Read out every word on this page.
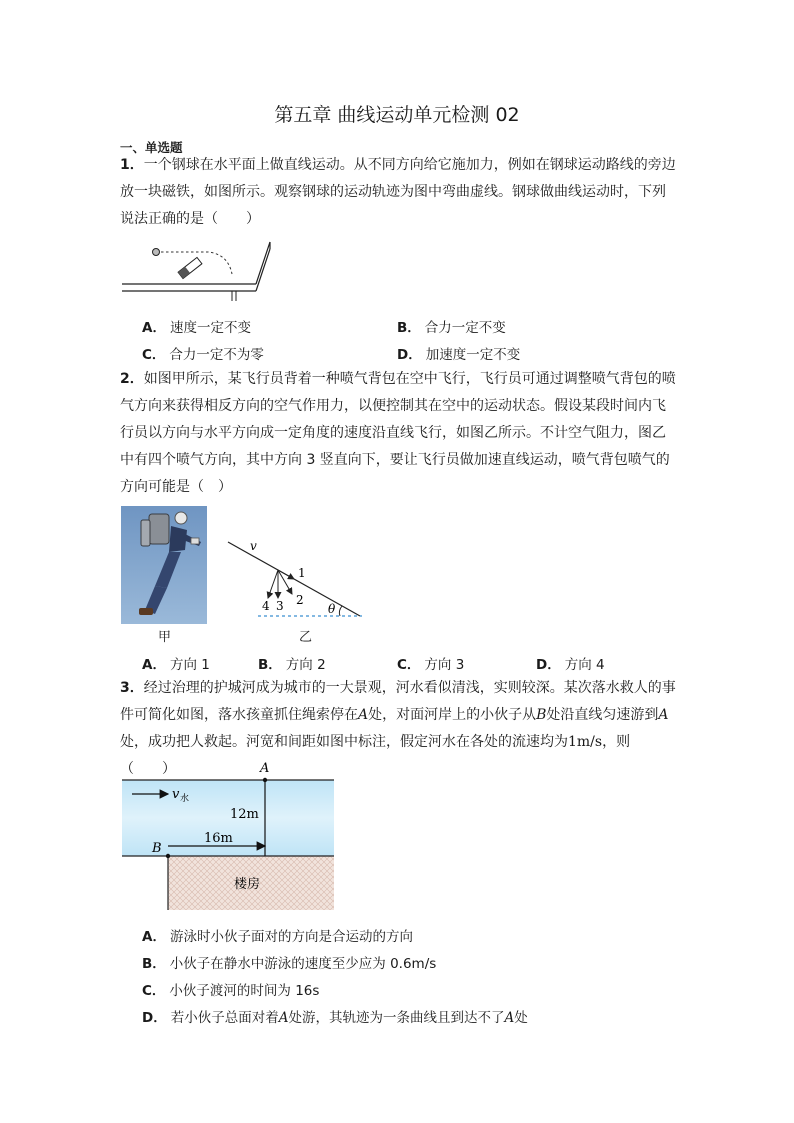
第五章 曲线运动单元检测 02
一、单选题
1．一个钢球在水平面上做直线运动。从不同方向给它施加力，例如在钢球运动路线的旁边放一块磁铁，如图所示。观察钢球的运动轨迹为图中弯曲虚线。钢球做曲线运动时，下列说法正确的是（　　）
A． 速度一定不变	B． 合力一定不变
C． 合力一定不为零	D． 加速度一定不变
2．如图甲所示，某飞行员背着一种喷气背包在空中飞行，飞行员可通过调整喷气背包的喷气方向来获得相反方向的空气作用力，以便控制其在空中的运动状态。假设某段时间内飞行员以方向与水平方向成一定角度的速度沿直线飞行，如图乙所示。不计空气阻力，图乙中有四个喷气方向，其中方向 3 竖直向下，要让飞行员做加速直线运动，喷气背包喷气的方向可能是（　）
甲
v
1
2
3
4	θ
乙
A． 方向 1	B． 方向 2	C． 方向 3	D． 方向 4
3．经过治理的护城河成为城市的一大景观，河水看似清浅，实则较深。某次落水救人的事件可简化如图，落水孩童抓住绳索停在A处，对面河岸上的小伙子从B处沿直线匀速游到A处，成功把人救起。河宽和间距如图中标注，假定河水在各处的流速均为1m/s，则（　　）
v 水
A
B
12m
16m
楼房
A． 游泳时小伙子面对的方向是合运动的方向
B． 小伙子在静水中游泳的速度至少应为 0.6m/s
C． 小伙子渡河的时间为 16s
D． 若小伙子总面对着A处游，其轨迹为一条曲线且到达不了A处
